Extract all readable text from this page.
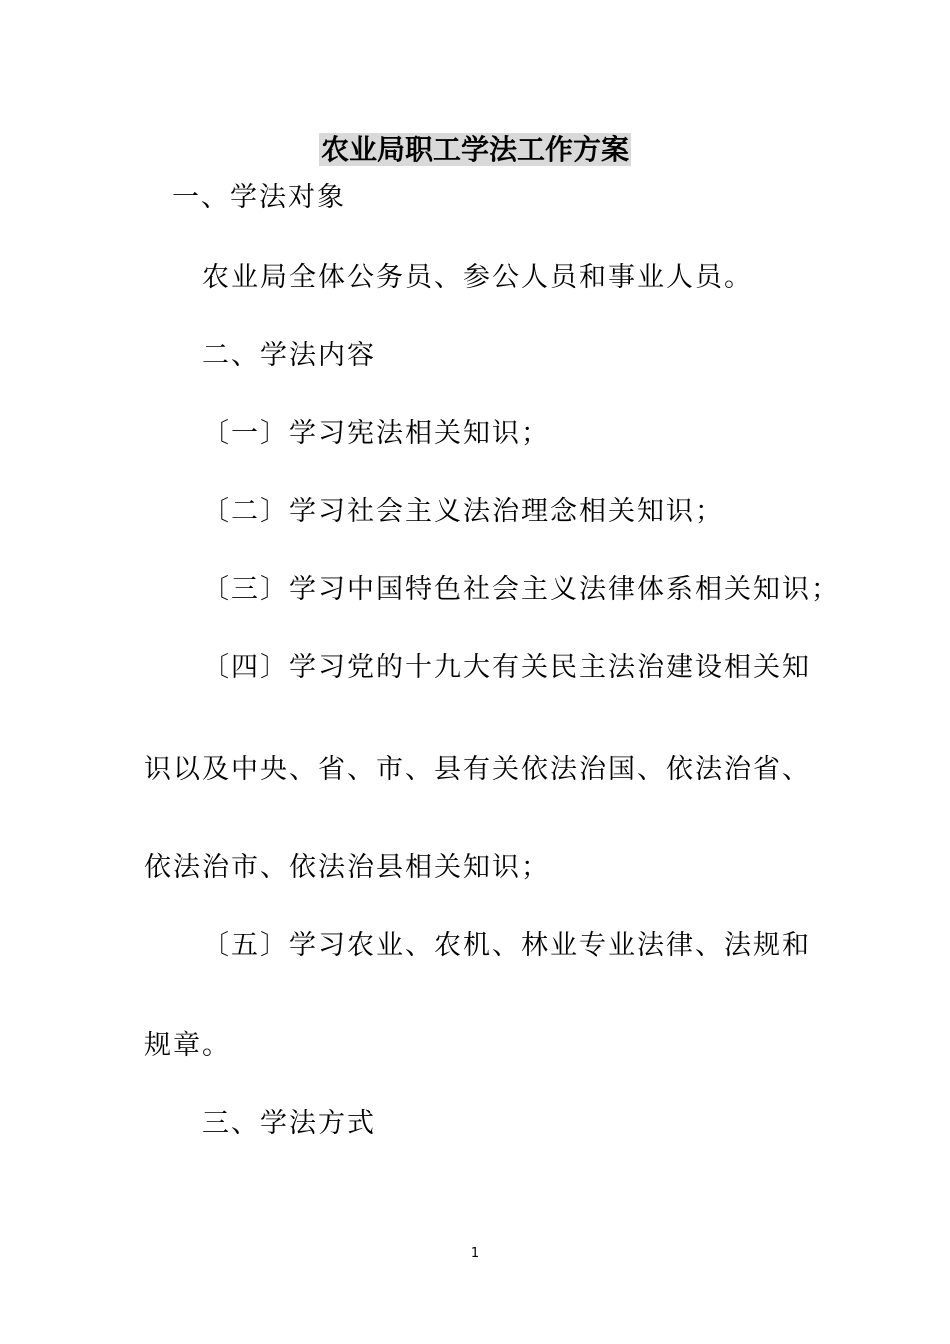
农业局职工学法工作方案
一、学法对象
农业局全体公务员、参公人员和事业人员。
二、学法内容
〔一〕学习宪法相关知识；
〔二〕学习社会主义法治理念相关知识；
〔三〕学习中国特色社会主义法律体系相关知识；
〔四〕学习党的十九大有关民主法治建设相关知
识以及中央、省、市、县有关依法治国、依法治省、
依法治市、依法治县相关知识；
〔五〕学习农业、农机、林业专业法律、法规和
规章。
三、学法方式
1
